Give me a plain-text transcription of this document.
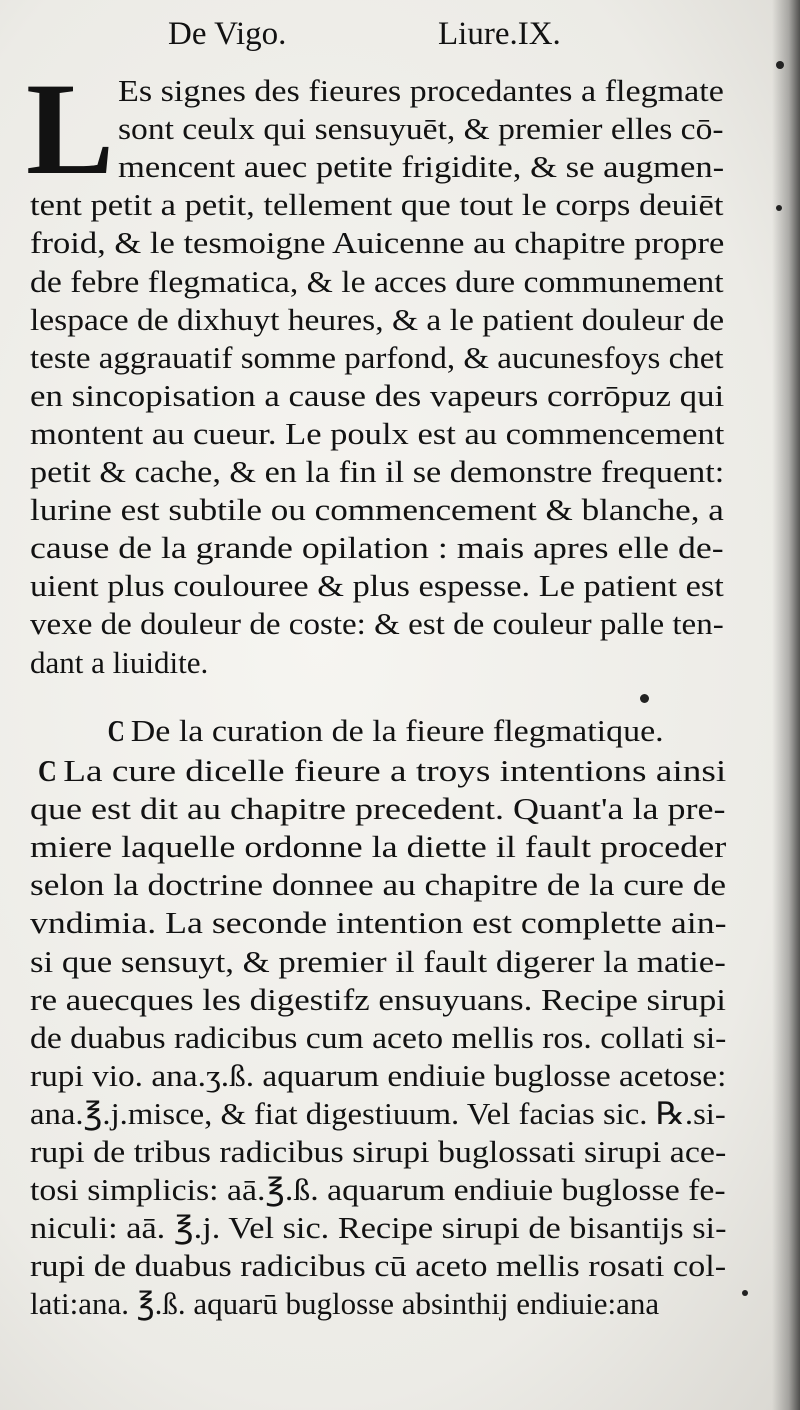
De Vigo.	Liure.IX.
L Es signes des fieures procedantes a flegmate
sont ceulx qui sensuyuēt, & premier elles cō-
mencent auec petite frigidite, & se augmen-
tent petit a petit, tellement que tout le corps deuiēt
froid, & le tesmoigne Auicenne au chapitre propre
de febre flegmatica, & le acces dure communement
lespace de dixhuyt heures, & a le patient douleur de
teste aggrauatif somme parfond, & aucunesfoys chet
en sincopisation a cause des vapeurs corrōpuz qui
montent au cueur. Le poulx est au commencement
petit & cache, & en la fin il se demonstre frequent:
lurine est subtile ou commencement & blanche, a
cause de la grande opilation : mais apres elle de-
uient plus coulouree & plus espesse. Le patient est
vexe de douleur de coste: & est de couleur palle ten-
dant a liuidite.
C De la curation de la fieure flegmatique.
C La cure dicelle fieure a troys intentions ainsi
que est dit au chapitre precedent. Quant'a la pre-
miere laquelle ordonne la diette il fault proceder
selon la doctrine donnee au chapitre de la cure de
vndimia. La seconde intention est complette ain-
si que sensuyt, & premier il fault digerer la matie-
re auecques les digestifz ensuyuans. Recipe sirupi
de duabus radicibus cum aceto mellis ros. collati si-
rupi vio. ana.ʒ.ß. aquarum endiuie buglosse acetose:
ana.℥.j.misce, & fiat digestiuum. Vel facias sic. ℞.si-
rupi de tribus radicibus sirupi buglossati sirupi ace-
tosi simplicis: aā.℥.ß. aquarum endiuie buglosse fe-
niculi: aā. ℥.j. Vel sic. Recipe sirupi de bisantijs si-
rupi de duabus radicibus cū aceto mellis rosati col-
lati:ana. ℥.ß. aquarū buglosse absinthij endiuie:ana
